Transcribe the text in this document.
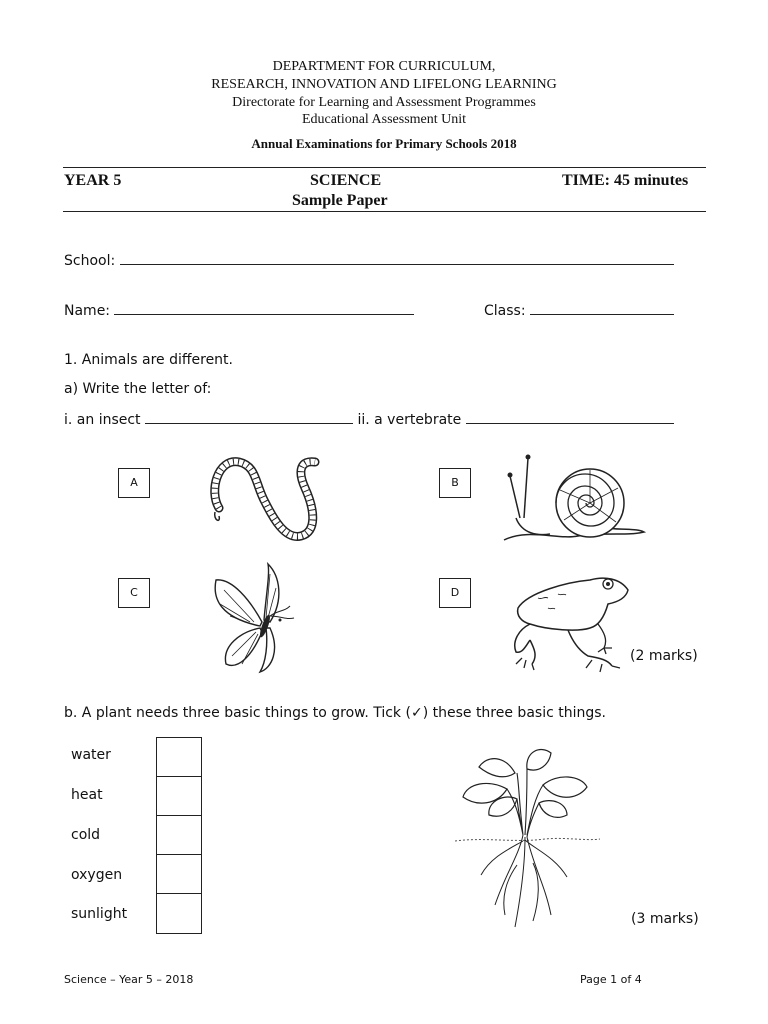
DEPARTMENT FOR CURRICULUM,
RESEARCH, INNOVATION AND LIFELONG LEARNING
Directorate for Learning and Assessment Programmes
Educational Assessment Unit
Annual Examinations for Primary Schools 2018
YEAR 5	SCIENCE
Sample Paper
TIME: 45 minutes
School:
Name:	Class:
1. Animals are different.
a) Write the letter of:
i. an insect	ii. a vertebrate
A	B
C	D
(2 marks)
b. A plant needs three basic things to grow. Tick (✓) these three basic things.
water
heat
cold
oxygen
sunlight	(3 marks)
Science – Year 5 – 2018	Page 1 of 4
